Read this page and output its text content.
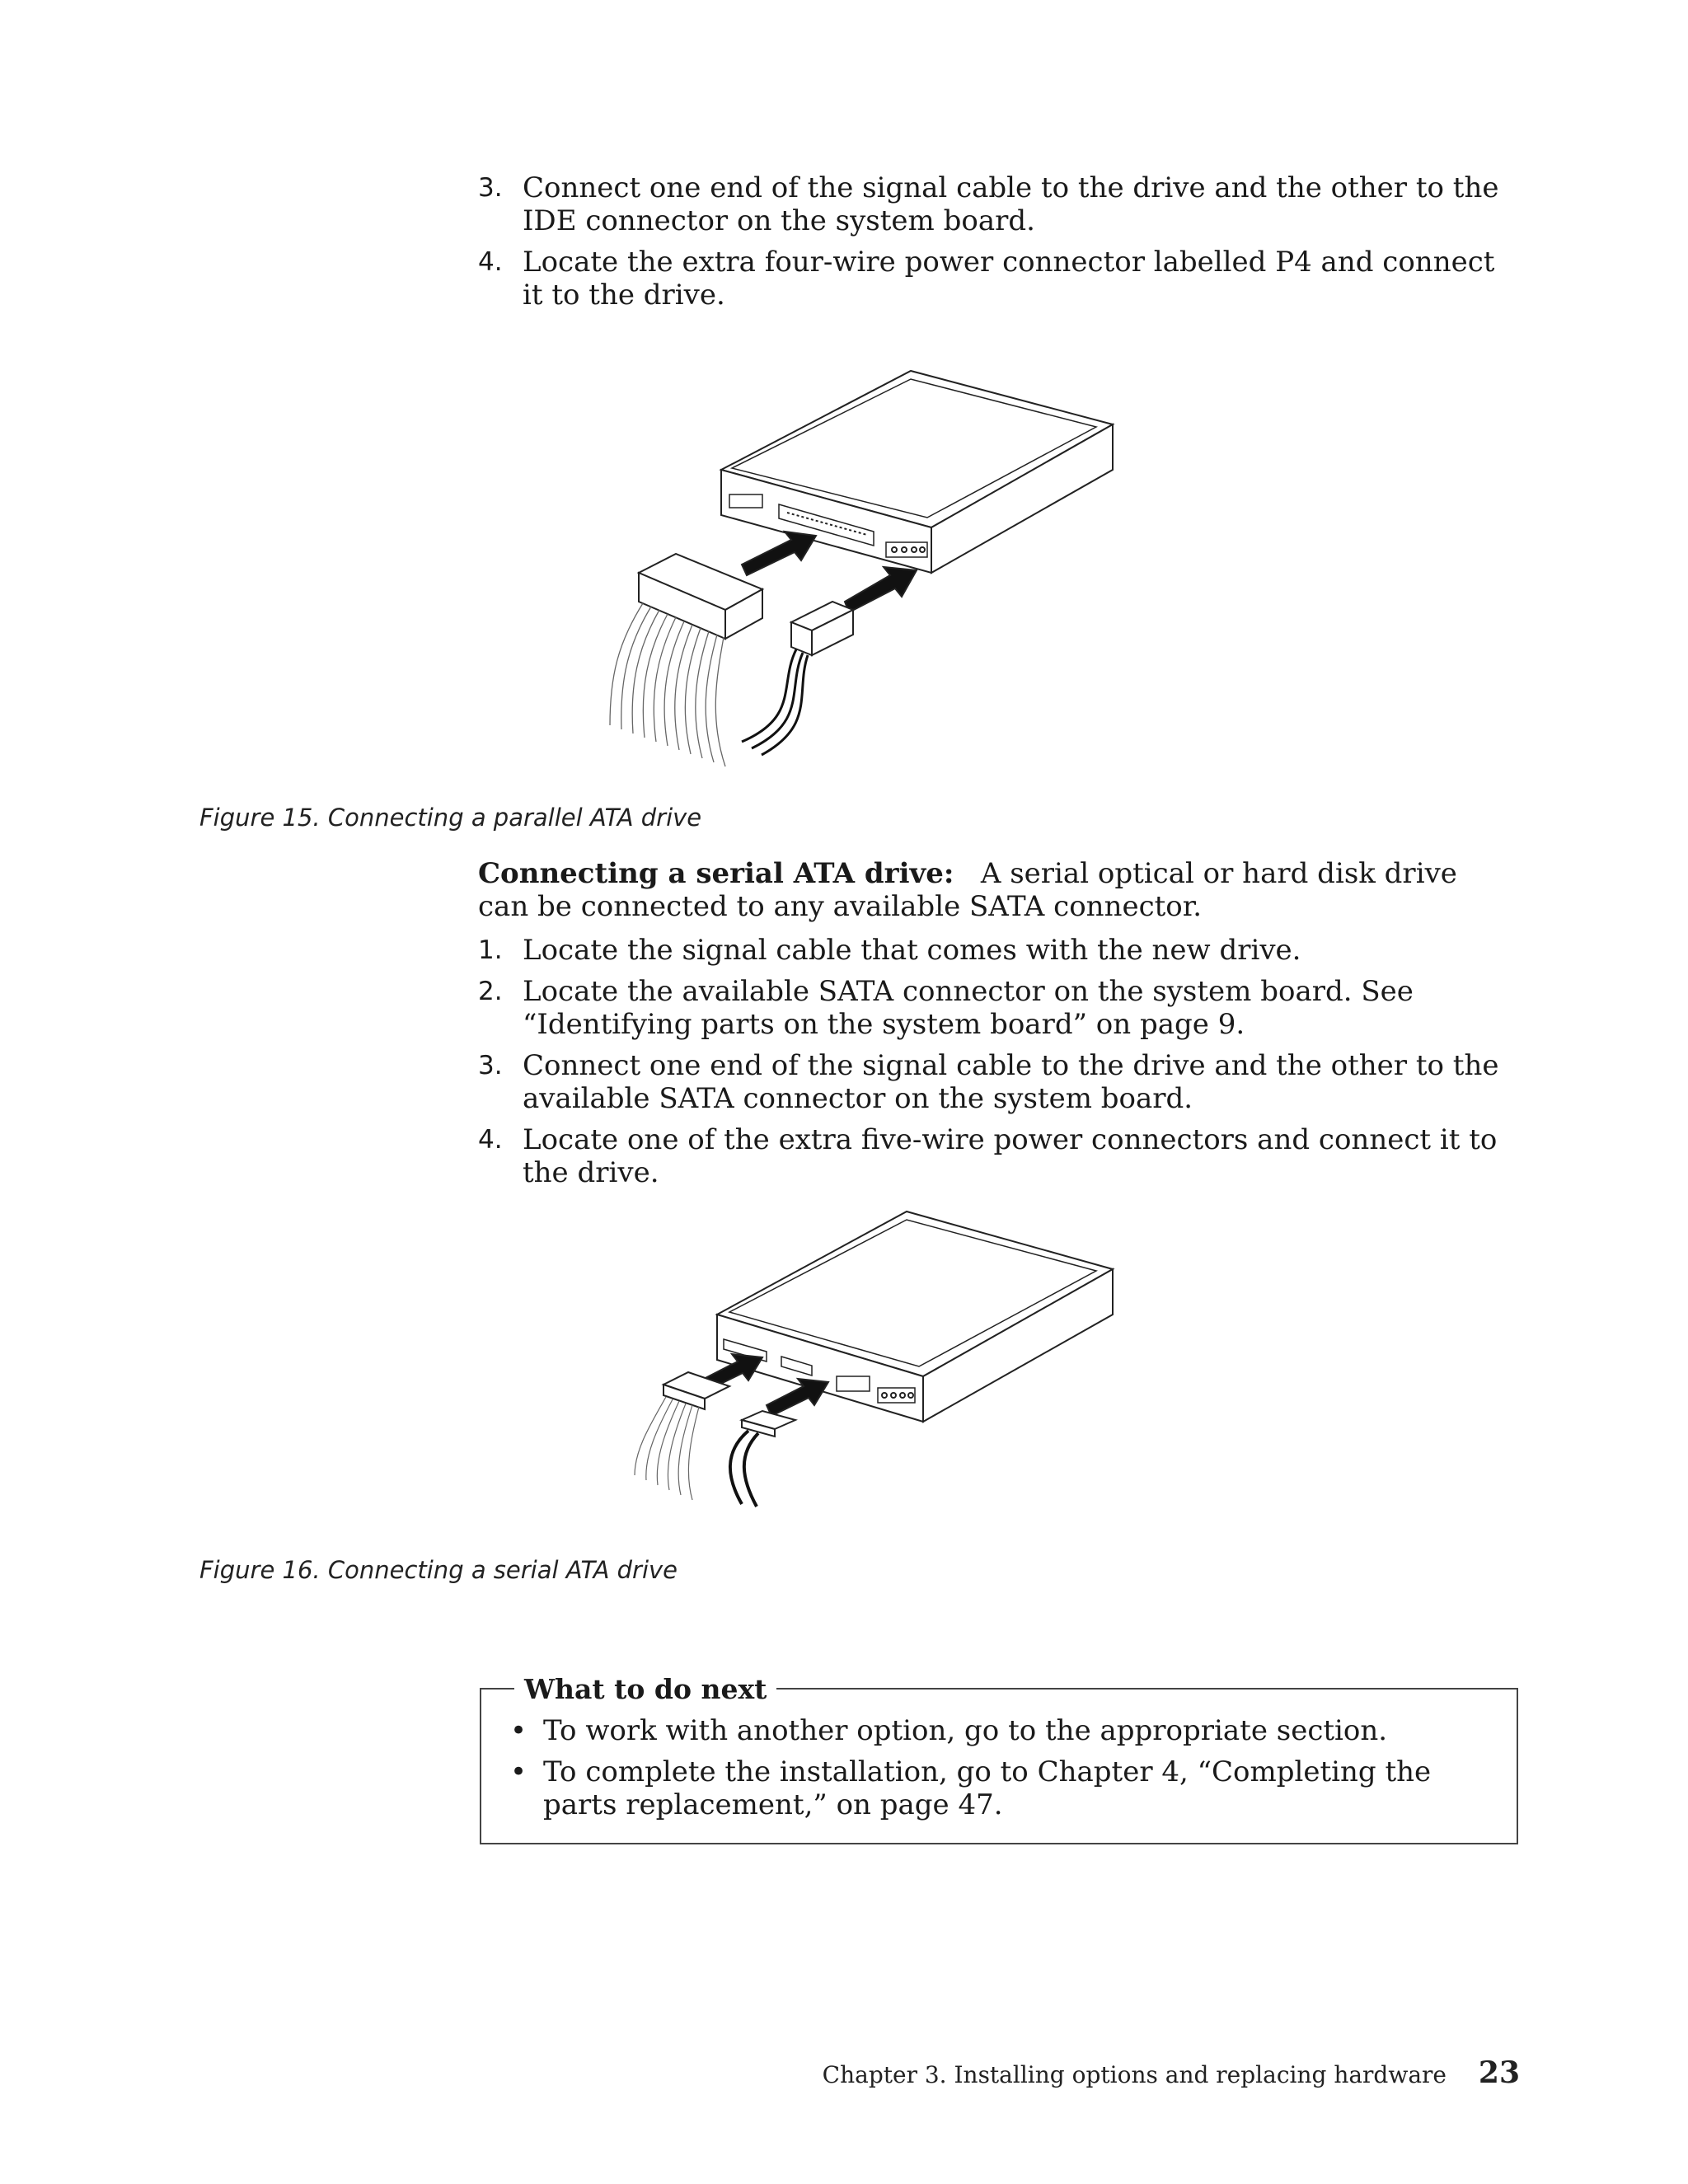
3. Connect one end of the signal cable to the drive and the other to the IDE connector on the system board.
4. Locate the extra four-wire power connector labelled P4 and connect it to the drive.
Figure 15. Connecting a parallel ATA drive
Connecting a serial ATA drive: A serial optical or hard disk drive can be connected to any available SATA connector.
1. Locate the signal cable that comes with the new drive.
2. Locate the available SATA connector on the system board. See “Identifying parts on the system board” on page 9.
3. Connect one end of the signal cable to the drive and the other to the available SATA connector on the system board.
4. Locate one of the extra five-wire power connectors and connect it to the drive.
Figure 16. Connecting a serial ATA drive
What to do next
• To work with another option, go to the appropriate section.
• To complete the installation, go to Chapter 4, “Completing the parts replacement,” on page 47.
Chapter 3. Installing options and replacing hardware 23
